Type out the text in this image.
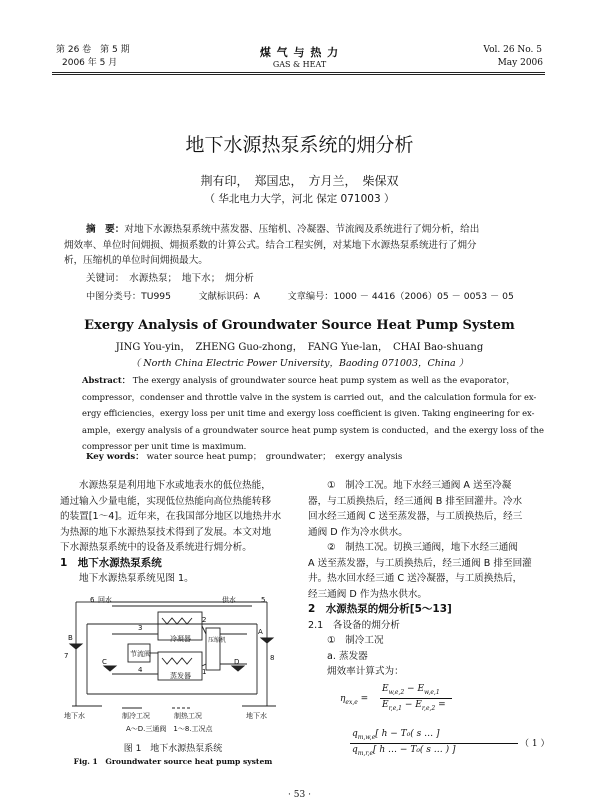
第 26 卷　第 5 期
2006 年 5 月
煤 气 与 热 力
GAS & HEAT
Vol. 26 No. 5
May 2006
地下水源热泵系统的㶲分析
荆有印，　郑国忠，　方月兰，　柴保双
（ 华北电力大学，河北 保定 071003 ）
摘　要：对地下水源热泵系统中蒸发器、压缩机、冷凝器、节流阀及系统进行了㶲分析，给出
㶲效率、单位时间㶲损、㶲损系数的计算公式。结合工程实例，对某地下水源热泵系统进行了㶲分
析，压缩机的单位时间㶲损最大。
关键词：　水源热泵；　地下水；　㶲分析
中图分类号：TU995　　　文献标识码：A　　　文章编号：1000 － 4416（2006）05 － 0053 － 05
Exergy Analysis of Groundwater Source Heat Pump System
JING You-yin，　ZHENG Guo-zhong，　FANG Yue-lan，　CHAI Bao-shuang
（ North China Electric Power University，Baoding 071003，China ）
Abstract： The exergy analysis of groundwater source heat pump system as well as the evaporator，
compressor，condenser and throttle valve in the system is carried out，and the calculation formula for ex-
ergy efficiencies，exergy loss per unit time and exergy loss coefficient is given. Taking engineering for ex-
ample，exergy analysis of a groundwater source heat pump system is conducted，and the exergy loss of the
compressor per unit time is maximum.
Key words： water source heat pump；　groundwater；　exergy analysis
水源热泵是利用地下水或地表水的低位热能，
通过输入少量电能，实现低位热能向高位热能转移
的装置[1～4]。近年来，在我国部分地区以地热井水
为热源的地下水源热泵技术得到了发展。本文对地
下水源热泵系统中的设备及系统进行㶲分析。
1　地下水源热泵系统
地下水源热泵系统见图 1。
回水	供水
冷凝器
蒸发器
节流阀
压缩机
地下水	地下水
制冷工况	制热工况
A～D.三通阀　1～8.工况点
A
B
C	D
1
2
3
4
5
6
7	8
图 1　地下水源热泵系统
Fig. 1　Groundwater source heat pump system
①　制冷工况。地下水经三通阀 A 送至冷凝
器，与工质换热后，经三通阀 B 排至回灌井。冷水
回水经三通阀 C 送至蒸发器，与工质换热后，经三
通阀 D 作为冷水供水。
②　制热工况。切换三通阀，地下水经三通阀
A 送至蒸发器，与工质换热后，经三通阀 B 排至回灌
井。热水回水经三通 C 送冷凝器，与工质换热后，
经三通阀 D 作为热水供水。
2　水源热泵的㶲分析[5～13]
2.1　各设备的㶲分析
①　制冷工况
a. 蒸发器
㶲效率计算式为：
$\eta_{ex,e}$ =
$E_{w,e,2} - E_{w,e,1}$
$E_{r,e,1} - E_{r,e,2}$ =
$q_{m,w,e}$[ h − T₀( s … ]
$q_{m,r,e}$[ h … − T₀( s … ) ]
（ 1 ）
· 53 ·
